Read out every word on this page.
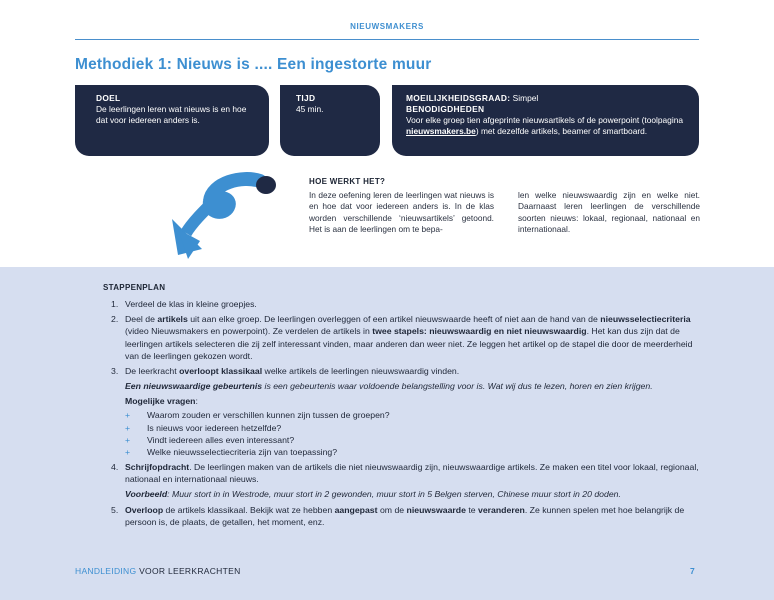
NIEUWSMAKERS
Methodiek 1: Nieuws is .... Een ingestorte muur
DOEL
De leerlingen leren wat nieuws is en hoe dat voor iedereen anders is.
TIJD
45 min.
MOEILIJKHEIDSGRAAD: Simpel
BENODIGDHEDEN
Voor elke groep tien afgeprinte nieuwsartikels of de powerpoint (toolpagina nieuwsmakers.be) met dezelfde artikels, beamer of smartboard.
HOE WERKT HET?
In deze oefening leren de leerlingen wat nieuws is en hoe dat voor iedereen anders is. In de klas worden verschillende ‘nieuwsartikels’ getoond. Het is aan de leerlingen om te bepa-
len welke nieuwswaardig zijn en welke niet. Daarnaast leren leerlingen de verschillende soorten nieuws: lokaal, regionaal, nationaal en internationaal.
STAPPENPLAN
1. Verdeel de klas in kleine groepjes.
2. Deel de artikels uit aan elke groep. De leerlingen overleggen of een artikel nieuwswaarde heeft of niet aan de hand van de nieuwsselectiecriteria (video Nieuwsmakers en powerpoint). Ze verdelen de artikels in twee stapels: nieuwswaardig en niet nieuwswaardig. Het kan dus zijn dat de leerlingen artikels selecteren die zij zelf interessant vinden, maar anderen dan weer niet. Ze leggen het artikel op de stapel die door de meerderheid van de leerlingen gekozen wordt.
3. De leerkracht overloopt klassikaal welke artikels de leerlingen nieuwswaardig vinden.
Een nieuwswaardige gebeurtenis is een gebeurtenis waar voldoende belangstelling voor is. Wat wij dus te lezen, horen en zien krijgen.
Mogelijke vragen:
+	Waarom zouden er verschillen kunnen zijn tussen de groepen?
+	Is nieuws voor iedereen hetzelfde?
+	Vindt iedereen alles even interessant?
+	Welke nieuwsselectiecriteria zijn van toepassing?
4. Schrijfopdracht. De leerlingen maken van de artikels die niet nieuwswaardig zijn, nieuwswaardige artikels. Ze maken een titel voor lokaal, regionaal, nationaal en internationaal nieuws.
Voorbeeld: Muur stort in in Westrode, muur stort in 2 gewonden, muur stort in 5 Belgen sterven, Chinese muur stort in 20 doden.
5. Overloop de artikels klassikaal. Bekijk wat ze hebben aangepast om de nieuwswaarde te veranderen. Ze kunnen spelen met hoe belangrijk de persoon is, de plaats, de getallen, het moment, enz.
HANDLEIDING VOOR LEERKRACHTEN	7
